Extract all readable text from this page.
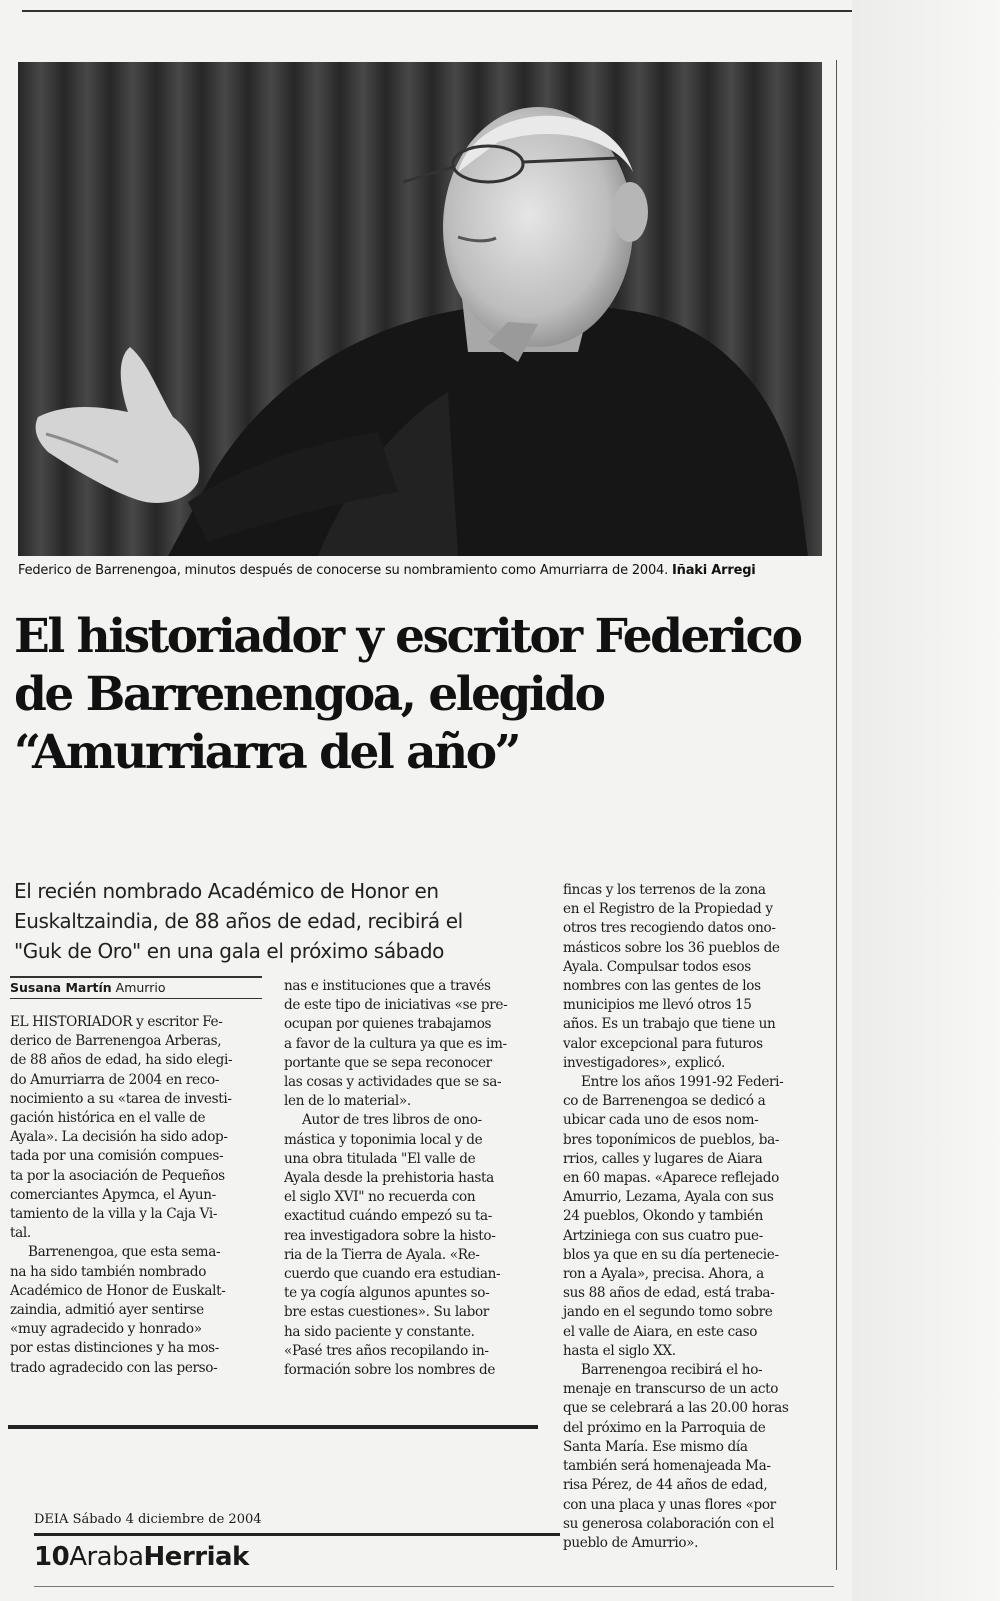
Federico de Barrenengoa, minutos después de conocerse su nombramiento como Amurriarra de 2004. Iñaki Arregi
El historiador y escritor Federico
de Barrenengoa, elegido
“Amurriarra del año”
El recién nombrado Académico de Honor en
Euskaltzaindia, de 88 años de edad, recibirá el
"Guk de Oro" en una gala el próximo sábado
Susana Martín Amurrio
EL HISTORIADOR y escritor Fe-
derico de Barrenengoa Arberas,
de 88 años de edad, ha sido elegi-
do Amurriarra de 2004 en reco-
nocimiento a su «tarea de investi-
gación histórica en el valle de
Ayala». La decisión ha sido adop-
tada por una comisión compues-
ta por la asociación de Pequeños
comerciantes Apymca, el Ayun-
tamiento de la villa y la Caja Vi-
tal.
Barrenengoa, que esta sema-
na ha sido también nombrado
Académico de Honor de Euskalt-
zaindia, admitió ayer sentirse
«muy agradecido y honrado»
por estas distinciones y ha mos-
trado agradecido con las perso-
nas e instituciones que a través
de este tipo de iniciativas «se pre-
ocupan por quienes trabajamos
a favor de la cultura ya que es im-
portante que se sepa reconocer
las cosas y actividades que se sa-
len de lo material».
Autor de tres libros de ono-
mástica y toponimia local y de
una obra titulada "El valle de
Ayala desde la prehistoria hasta
el siglo XVI" no recuerda con
exactitud cuándo empezó su ta-
rea investigadora sobre la histo-
ria de la Tierra de Ayala. «Re-
cuerdo que cuando era estudian-
te ya cogía algunos apuntes so-
bre estas cuestiones». Su labor
ha sido paciente y constante.
«Pasé tres años recopilando in-
formación sobre los nombres de
fincas y los terrenos de la zona
en el Registro de la Propiedad y
otros tres recogiendo datos ono-
másticos sobre los 36 pueblos de
Ayala. Compulsar todos esos
nombres con las gentes de los
municipios me llevó otros 15
años. Es un trabajo que tiene un
valor excepcional para futuros
investigadores», explicó.
Entre los años 1991-92 Federi-
co de Barrenengoa se dedicó a
ubicar cada uno de esos nom-
bres toponímicos de pueblos, ba-
rrios, calles y lugares de Aiara
en 60 mapas. «Aparece reflejado
Amurrio, Lezama, Ayala con sus
24 pueblos, Okondo y también
Artziniega con sus cuatro pue-
blos ya que en su día pertenecie-
ron a Ayala», precisa. Ahora, a
sus 88 años de edad, está traba-
jando en el segundo tomo sobre
el valle de Aiara, en este caso
hasta el siglo XX.
Barrenengoa recibirá el ho-
menaje en transcurso de un acto
que se celebrará a las 20.00 horas
del próximo en la Parroquia de
Santa María. Ese mismo día
también será homenajeada Ma-
risa Pérez, de 44 años de edad,
con una placa y unas flores «por
su generosa colaboración con el
pueblo de Amurrio».
DEIA Sábado 4 diciembre de 2004
10ArabaHerriak
